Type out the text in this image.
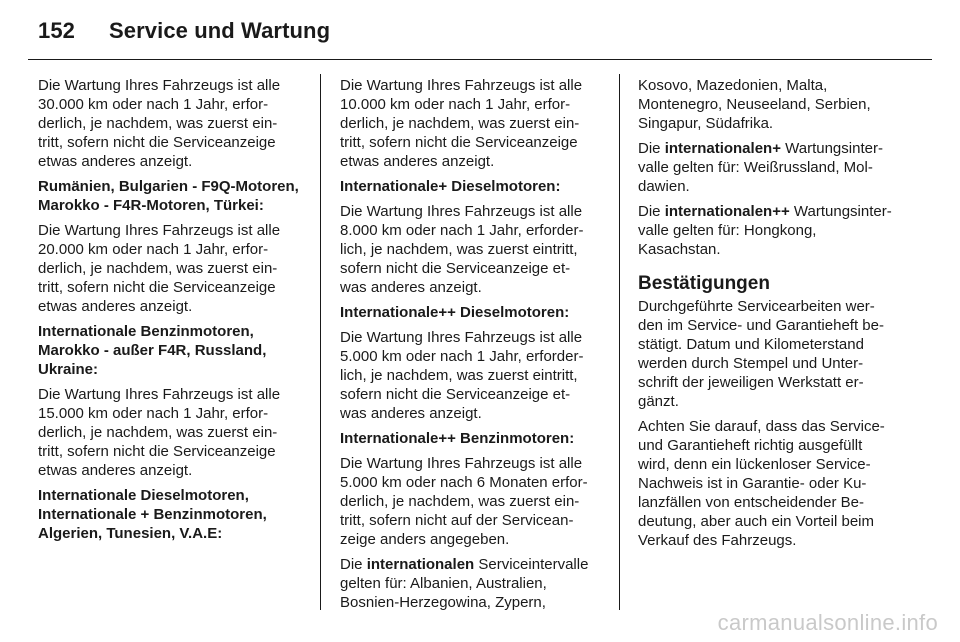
152 Service und Wartung
Die Wartung Ihres Fahrzeugs ist alle
30.000 km oder nach 1 Jahr, erfor-
derlich, je nachdem, was zuerst ein-
tritt, sofern nicht die Serviceanzeige
etwas anderes anzeigt.
Rumänien, Bulgarien - F9Q-Motoren,
Marokko - F4R-Motoren, Türkei:
Die Wartung Ihres Fahrzeugs ist alle
20.000 km oder nach 1 Jahr, erfor-
derlich, je nachdem, was zuerst ein-
tritt, sofern nicht die Serviceanzeige
etwas anderes anzeigt.
Internationale Benzinmotoren,
Marokko - außer F4R, Russland,
Ukraine:
Die Wartung Ihres Fahrzeugs ist alle
15.000 km oder nach 1 Jahr, erfor-
derlich, je nachdem, was zuerst ein-
tritt, sofern nicht die Serviceanzeige
etwas anderes anzeigt.
Internationale Dieselmotoren,
Internationale + Benzinmotoren,
Algerien, Tunesien, V.A.E:
Die Wartung Ihres Fahrzeugs ist alle
10.000 km oder nach 1 Jahr, erfor-
derlich, je nachdem, was zuerst ein-
tritt, sofern nicht die Serviceanzeige
etwas anderes anzeigt.
Internationale+ Dieselmotoren:
Die Wartung Ihres Fahrzeugs ist alle
8.000 km oder nach 1 Jahr, erforder-
lich, je nachdem, was zuerst eintritt,
sofern nicht die Serviceanzeige et-
was anderes anzeigt.
Internationale++ Dieselmotoren:
Die Wartung Ihres Fahrzeugs ist alle
5.000 km oder nach 1 Jahr, erforder-
lich, je nachdem, was zuerst eintritt,
sofern nicht die Serviceanzeige et-
was anderes anzeigt.
Internationale++ Benzinmotoren:
Die Wartung Ihres Fahrzeugs ist alle
5.000 km oder nach 6 Monaten erfor-
derlich, je nachdem, was zuerst ein-
tritt, sofern nicht auf der Servicean-
zeige anders angegeben.
Die internationalen Serviceintervalle
gelten für: Albanien, Australien,
Bosnien-Herzegowina, Zypern,
Kosovo, Mazedonien, Malta,
Montenegro, Neuseeland, Serbien,
Singapur, Südafrika.
Die internationalen+ Wartungsinter-
valle gelten für: Weißrussland, Mol-
dawien.
Die internationalen++ Wartungsinter-
valle gelten für: Hongkong,
Kasachstan.
Bestätigungen
Durchgeführte Servicearbeiten wer-
den im Service- und Garantieheft be-
stätigt. Datum und Kilometerstand
werden durch Stempel und Unter-
schrift der jeweiligen Werkstatt er-
gänzt.
Achten Sie darauf, dass das Service-
und Garantieheft richtig ausgefüllt
wird, denn ein lückenloser Service-
Nachweis ist in Garantie- oder Ku-
lanzfällen von entscheidender Be-
deutung, aber auch ein Vorteil beim
Verkauf des Fahrzeugs.
carmanualsonline.info
